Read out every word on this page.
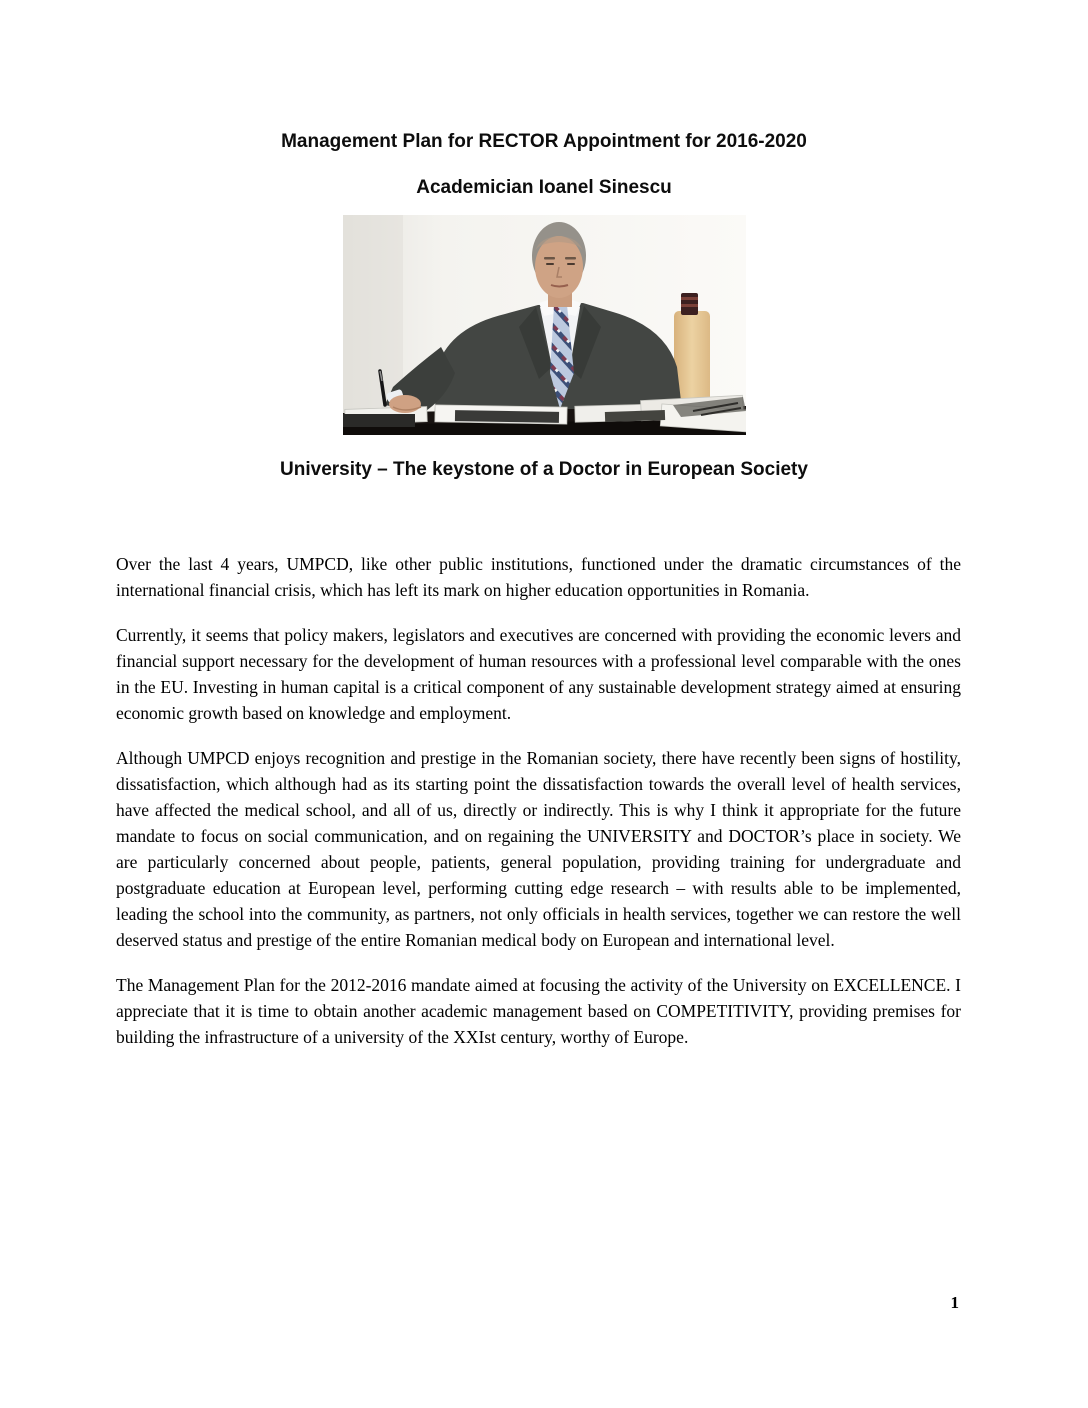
Management Plan for RECTOR Appointment for 2016-2020
Academician Ioanel Sinescu
University – The keystone of a Doctor in European Society

Over the last 4 years, UMPCD, like other public institutions, functioned under the dramatic circumstances of the international financial crisis, which has left its mark on higher education opportunities in Romania.

Currently, it seems that policy makers, legislators and executives are concerned with providing the economic levers and financial support necessary for the development of human resources with a professional level comparable with the ones in the EU. Investing in human capital is a critical component of any sustainable development strategy aimed at ensuring economic growth based on knowledge and employment.

Although UMPCD enjoys recognition and prestige in the Romanian society, there have recently been signs of hostility, dissatisfaction, which although had as its starting point the dissatisfaction towards the overall level of health services, have affected the medical school, and all of us, directly or indirectly. This is why I think it appropriate for the future mandate to focus on social communication, and on regaining the UNIVERSITY and DOCTOR’s place in society. We are particularly concerned about people, patients, general population, providing training for undergraduate and postgraduate education at European level, performing cutting edge research – with results able to be implemented, leading the school into the community, as partners, not only officials in health services, together we can restore the well deserved status and prestige of the entire Romanian medical body on European and international level.

The Management Plan for the 2012-2016 mandate aimed at focusing the activity of the University on EXCELLENCE. I appreciate that it is time to obtain another academic management based on COMPETITIVITY, providing premises for building the infrastructure of a university of the XXIst century, worthy of Europe.

1
